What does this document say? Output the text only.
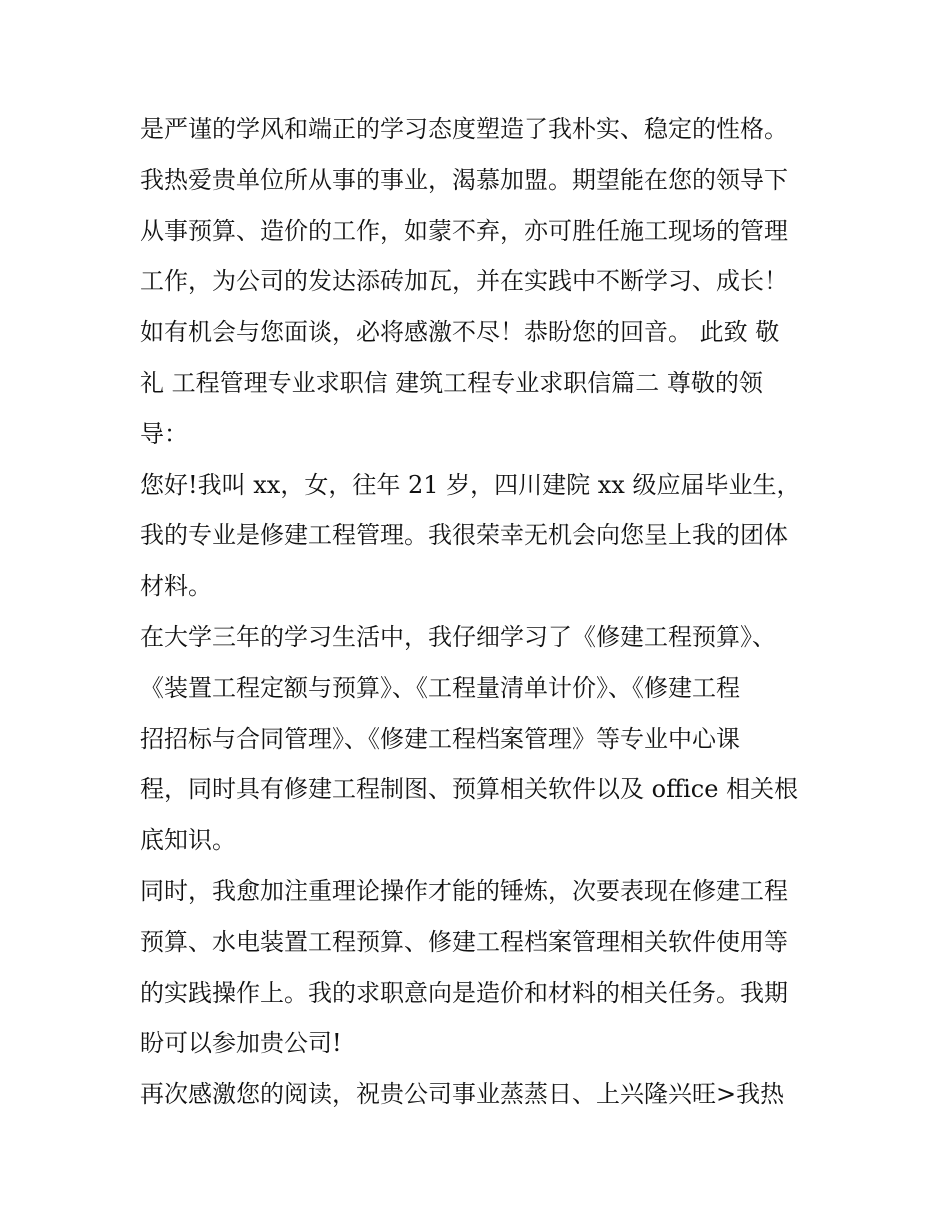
是严谨的学风和端正的学习态度塑造了我朴实、稳定的性格。

我热爱贵单位所从事的事业，渴慕加盟。期望能在您的领导下

从事预算、造价的工作，如蒙不弃，亦可胜任施工现场的管理

工作，为公司的发达添砖加瓦，并在实践中不断学习、成长！

如有机会与您面谈，必将感激不尽！恭盼您的回音。 此致 敬

礼 工程管理专业求职信 建筑工程专业求职信篇二 尊敬的领

导：

您好!我叫 xx，女，往年 21 岁，四川建院 xx 级应届毕业生，

我的专业是修建工程管理。我很荣幸无机会向您呈上我的团体

材料。

在大学三年的学习生活中，我仔细学习了《修建工程预算》、

《装置工程定额与预算》、《工程量清单计价》、《修建工程

招招标与合同管理》、《修建工程档案管理》等专业中心课

程，同时具有修建工程制图、预算相关软件以及 office 相关根

底知识。

同时，我愈加注重理论操作才能的锤炼，次要表现在修建工程

预算、水电装置工程预算、修建工程档案管理相关软件使用等

的实践操作上。我的求职意向是造价和材料的相关任务。我期

盼可以参加贵公司!

再次感激您的阅读，祝贵公司事业蒸蒸日、上兴隆兴旺>我热
